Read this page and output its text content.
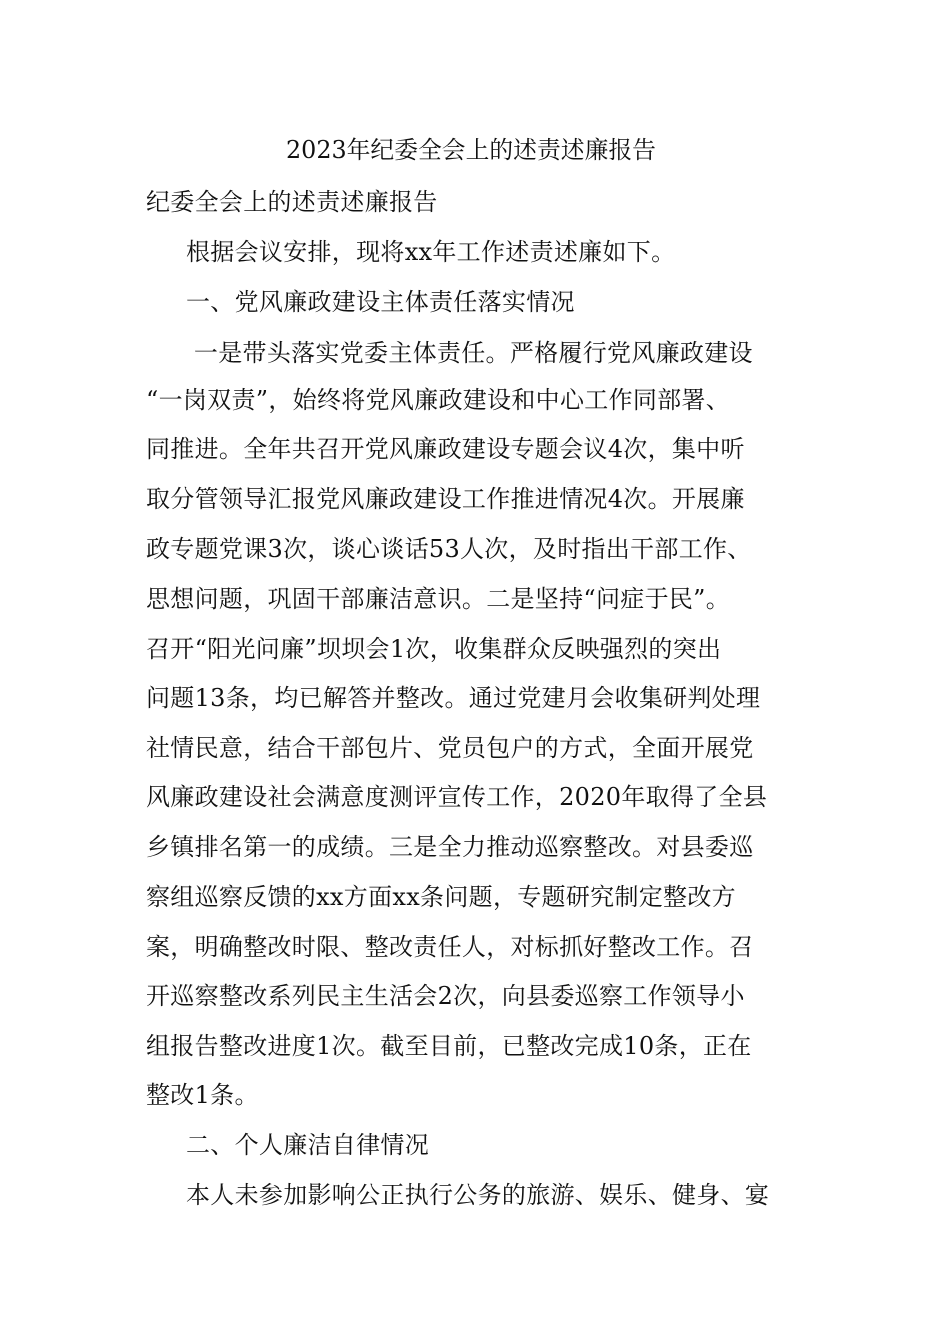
2023年纪委全会上的述责述廉报告
纪委全会上的述责述廉报告
根据会议安排，现将xx年工作述责述廉如下。
一、党风廉政建设主体责任落实情况
一是带头落实党委主体责任。严格履行党风廉政建设
“一岗双责”，始终将党风廉政建设和中心工作同部署、
同推进。全年共召开党风廉政建设专题会议4次，集中听
取分管领导汇报党风廉政建设工作推进情况4次。开展廉
政专题党课3次，谈心谈话53人次，及时指出干部工作、
思想问题，巩固干部廉洁意识。二是坚持“问症于民”。
召开“阳光问廉”坝坝会1次，收集群众反映强烈的突出
问题13条，均已解答并整改。通过党建月会收集研判处理
社情民意，结合干部包片、党员包户的方式，全面开展党
风廉政建设社会满意度测评宣传工作，2020年取得了全县
乡镇排名第一的成绩。三是全力推动巡察整改。对县委巡
察组巡察反馈的xx方面xx条问题，专题研究制定整改方
案，明确整改时限、整改责任人，对标抓好整改工作。召
开巡察整改系列民主生活会2次，向县委巡察工作领导小
组报告整改进度1次。截至目前，已整改完成10条，正在
整改1条。
二、个人廉洁自律情况
本人未参加影响公正执行公务的旅游、娱乐、健身、宴
